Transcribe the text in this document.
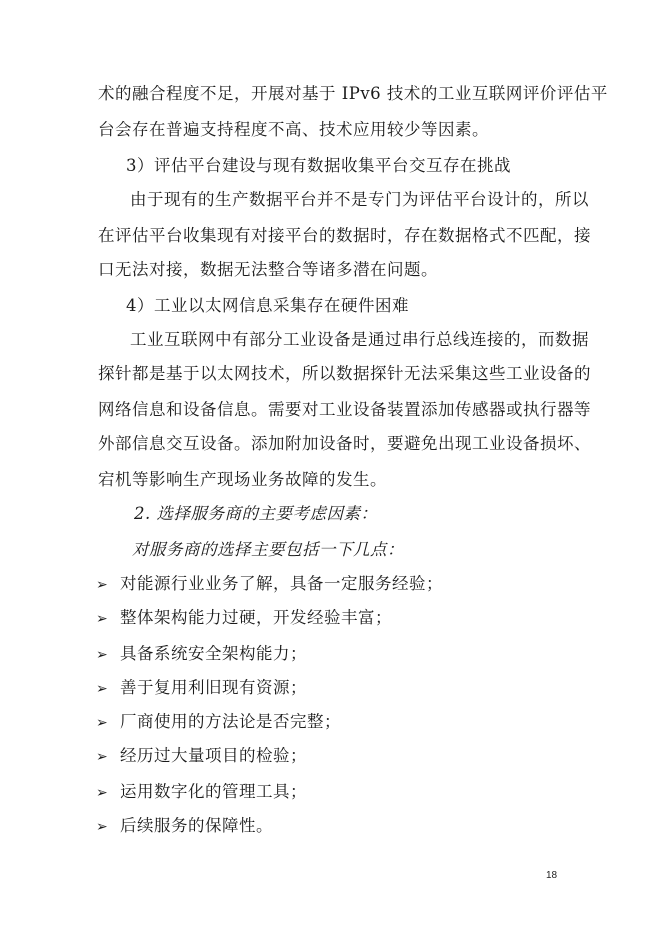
术的融合程度不足，开展对基于 IPv6 技术的工业互联网评价评估平
台会存在普遍支持程度不高、技术应用较少等因素。
3）评估平台建设与现有数据收集平台交互存在挑战
由于现有的生产数据平台并不是专门为评估平台设计的，所以
在评估平台收集现有对接平台的数据时，存在数据格式不匹配，接
口无法对接，数据无法整合等诸多潜在问题。
4）工业以太网信息采集存在硬件困难
工业互联网中有部分工业设备是通过串行总线连接的，而数据
探针都是基于以太网技术，所以数据探针无法采集这些工业设备的
网络信息和设备信息。需要对工业设备装置添加传感器或执行器等
外部信息交互设备。添加附加设备时，要避免出现工业设备损坏、
宕机等影响生产现场业务故障的发生。
2. 选择服务商的主要考虑因素：
对服务商的选择主要包括一下几点：
➢ 对能源行业业务了解，具备一定服务经验；
➢ 整体架构能力过硬，开发经验丰富；
➢ 具备系统安全架构能力；
➢ 善于复用利旧现有资源；
➢ 厂商使用的方法论是否完整；
➢ 经历过大量项目的检验；
➢ 运用数字化的管理工具；
➢ 后续服务的保障性。
18
